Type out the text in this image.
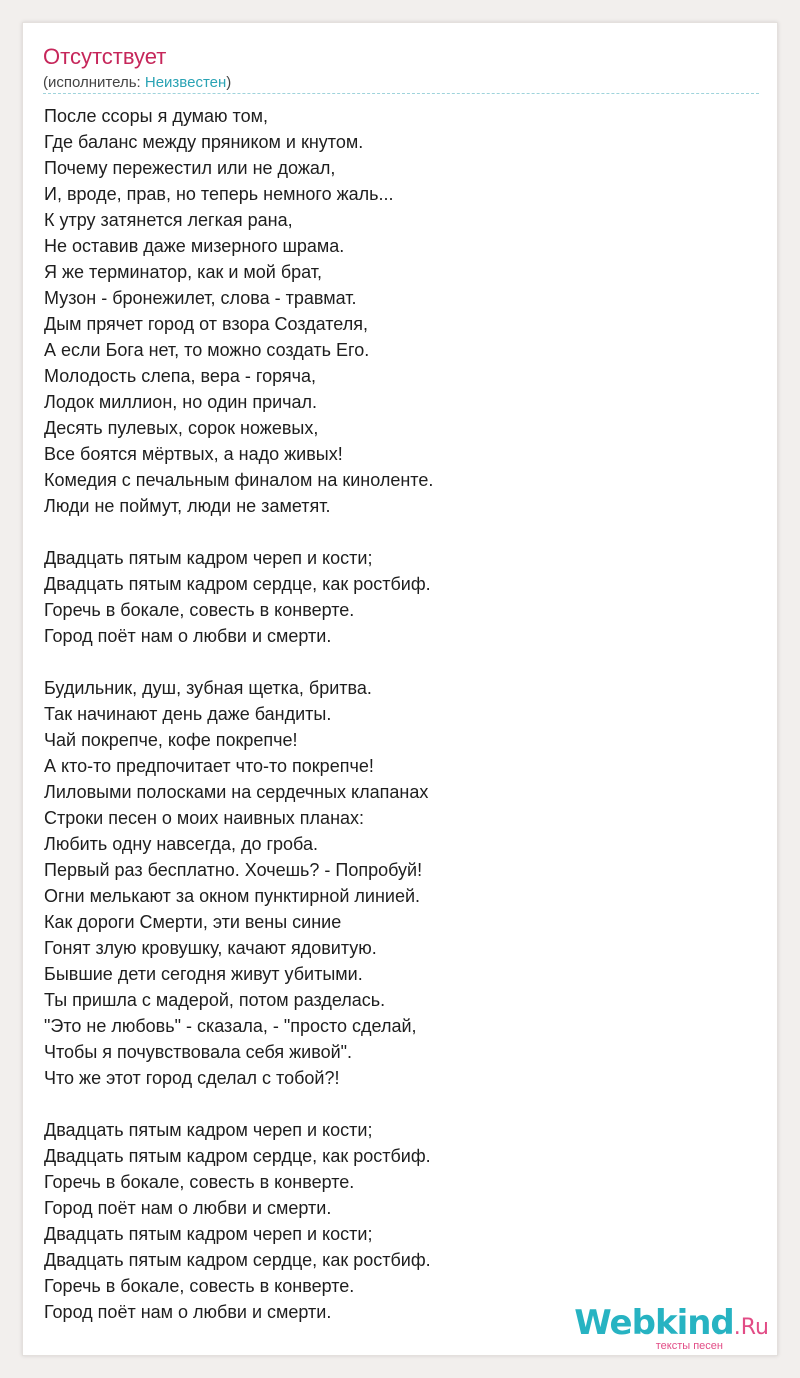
Отсутствует
(исполнитель: Неизвестен)
После ссоры я думаю том,
Где баланс между пряником и кнутом.
Почему пережестил или не дожал,
И, вроде, прав, но теперь немного жаль...
К утру затянется легкая рана,
Не оставив даже мизерного шрама.
Я же терминатор, как и мой брат,
Музон - бронежилет, слова - травмат.
Дым прячет город от взора Создателя,
А если Бога нет, то можно создать Его.
Молодость слепа, вера - горяча,
Лодок миллион, но один причал.
Десять пулевых, сорок ножевых,
Все боятся мёртвых, а надо живых!
Комедия с печальным финалом на киноленте.
Люди не поймут, люди не заметят.
Двадцать пятым кадром череп и кости;
Двадцать пятым кадром сердце, как ростбиф.
Горечь в бокале, совесть в конверте.
Город поёт нам о любви и смерти.
Будильник, душ, зубная щетка, бритва.
Так начинают день даже бандиты.
Чай покрепче, кофе покрепче!
А кто-то предпочитает что-то покрепче!
Лиловыми полосками на сердечных клапанах
Строки песен о моих наивных планах:
Любить одну навсегда, до гроба.
Первый раз бесплатно. Хочешь? - Попробуй!
Огни мелькают за окном пунктирной линией.
Как дороги Смерти, эти вены синие
Гонят злую кровушку, качают ядовитую.
Бывшие дети сегодня живут убитыми.
Ты пришла с мадерой, потом разделась.
"Это не любовь" - сказала, - "просто сделай,
Чтобы я почувствовала себя живой".
Что же этот город сделал с тобой?!
Двадцать пятым кадром череп и кости;
Двадцать пятым кадром сердце, как ростбиф.
Горечь в бокале, совесть в конверте.
Город поёт нам о любви и смерти.
Двадцать пятым кадром череп и кости;
Двадцать пятым кадром сердце, как ростбиф.
Горечь в бокале, совесть в конверте.
Город поёт нам о любви и смерти.	Webkind.Ru
тексты песен
